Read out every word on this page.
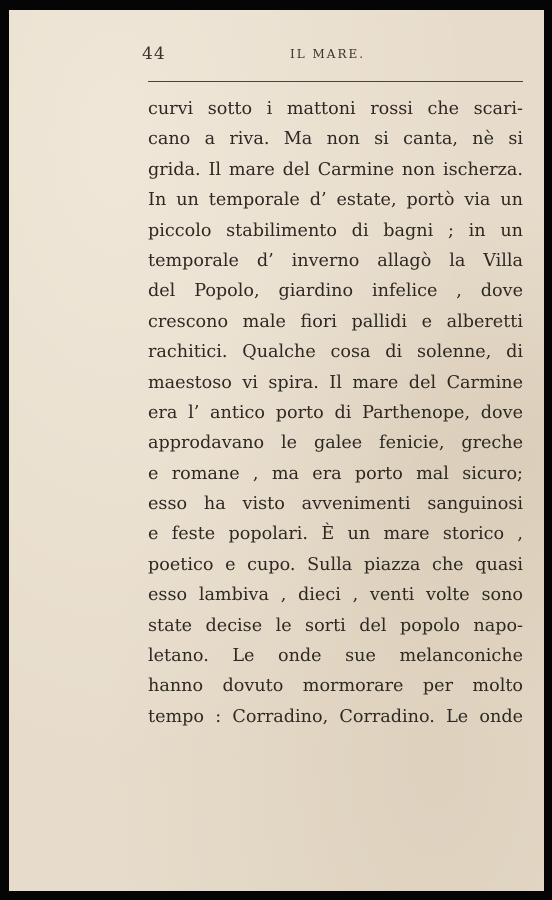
44	IL MARE.
curvi sotto i mattoni rossi che scari-
cano a riva. Ma non si canta, nè si
grida. Il mare del Carmine non ischerza.
In un temporale d’ estate, portò via un
piccolo stabilimento di bagni ; in un
temporale d’ inverno allagò la Villa
del Popolo, giardino infelice , dove
crescono male fiori pallidi e alberetti
rachitici. Qualche cosa di solenne, di
maestoso vi spira. Il mare del Carmine
era l’ antico porto di Parthenope, dove
approdavano le galee fenicie, greche
e romane , ma era porto mal sicuro;
esso ha visto avvenimenti sanguinosi
e feste popolari. È un mare storico ,
poetico e cupo. Sulla piazza che quasi
esso lambiva , dieci , venti volte sono
state decise le sorti del popolo napo-
letano. Le onde sue melanconiche
hanno dovuto mormorare per molto
tempo : Corradino, Corradino. Le onde
